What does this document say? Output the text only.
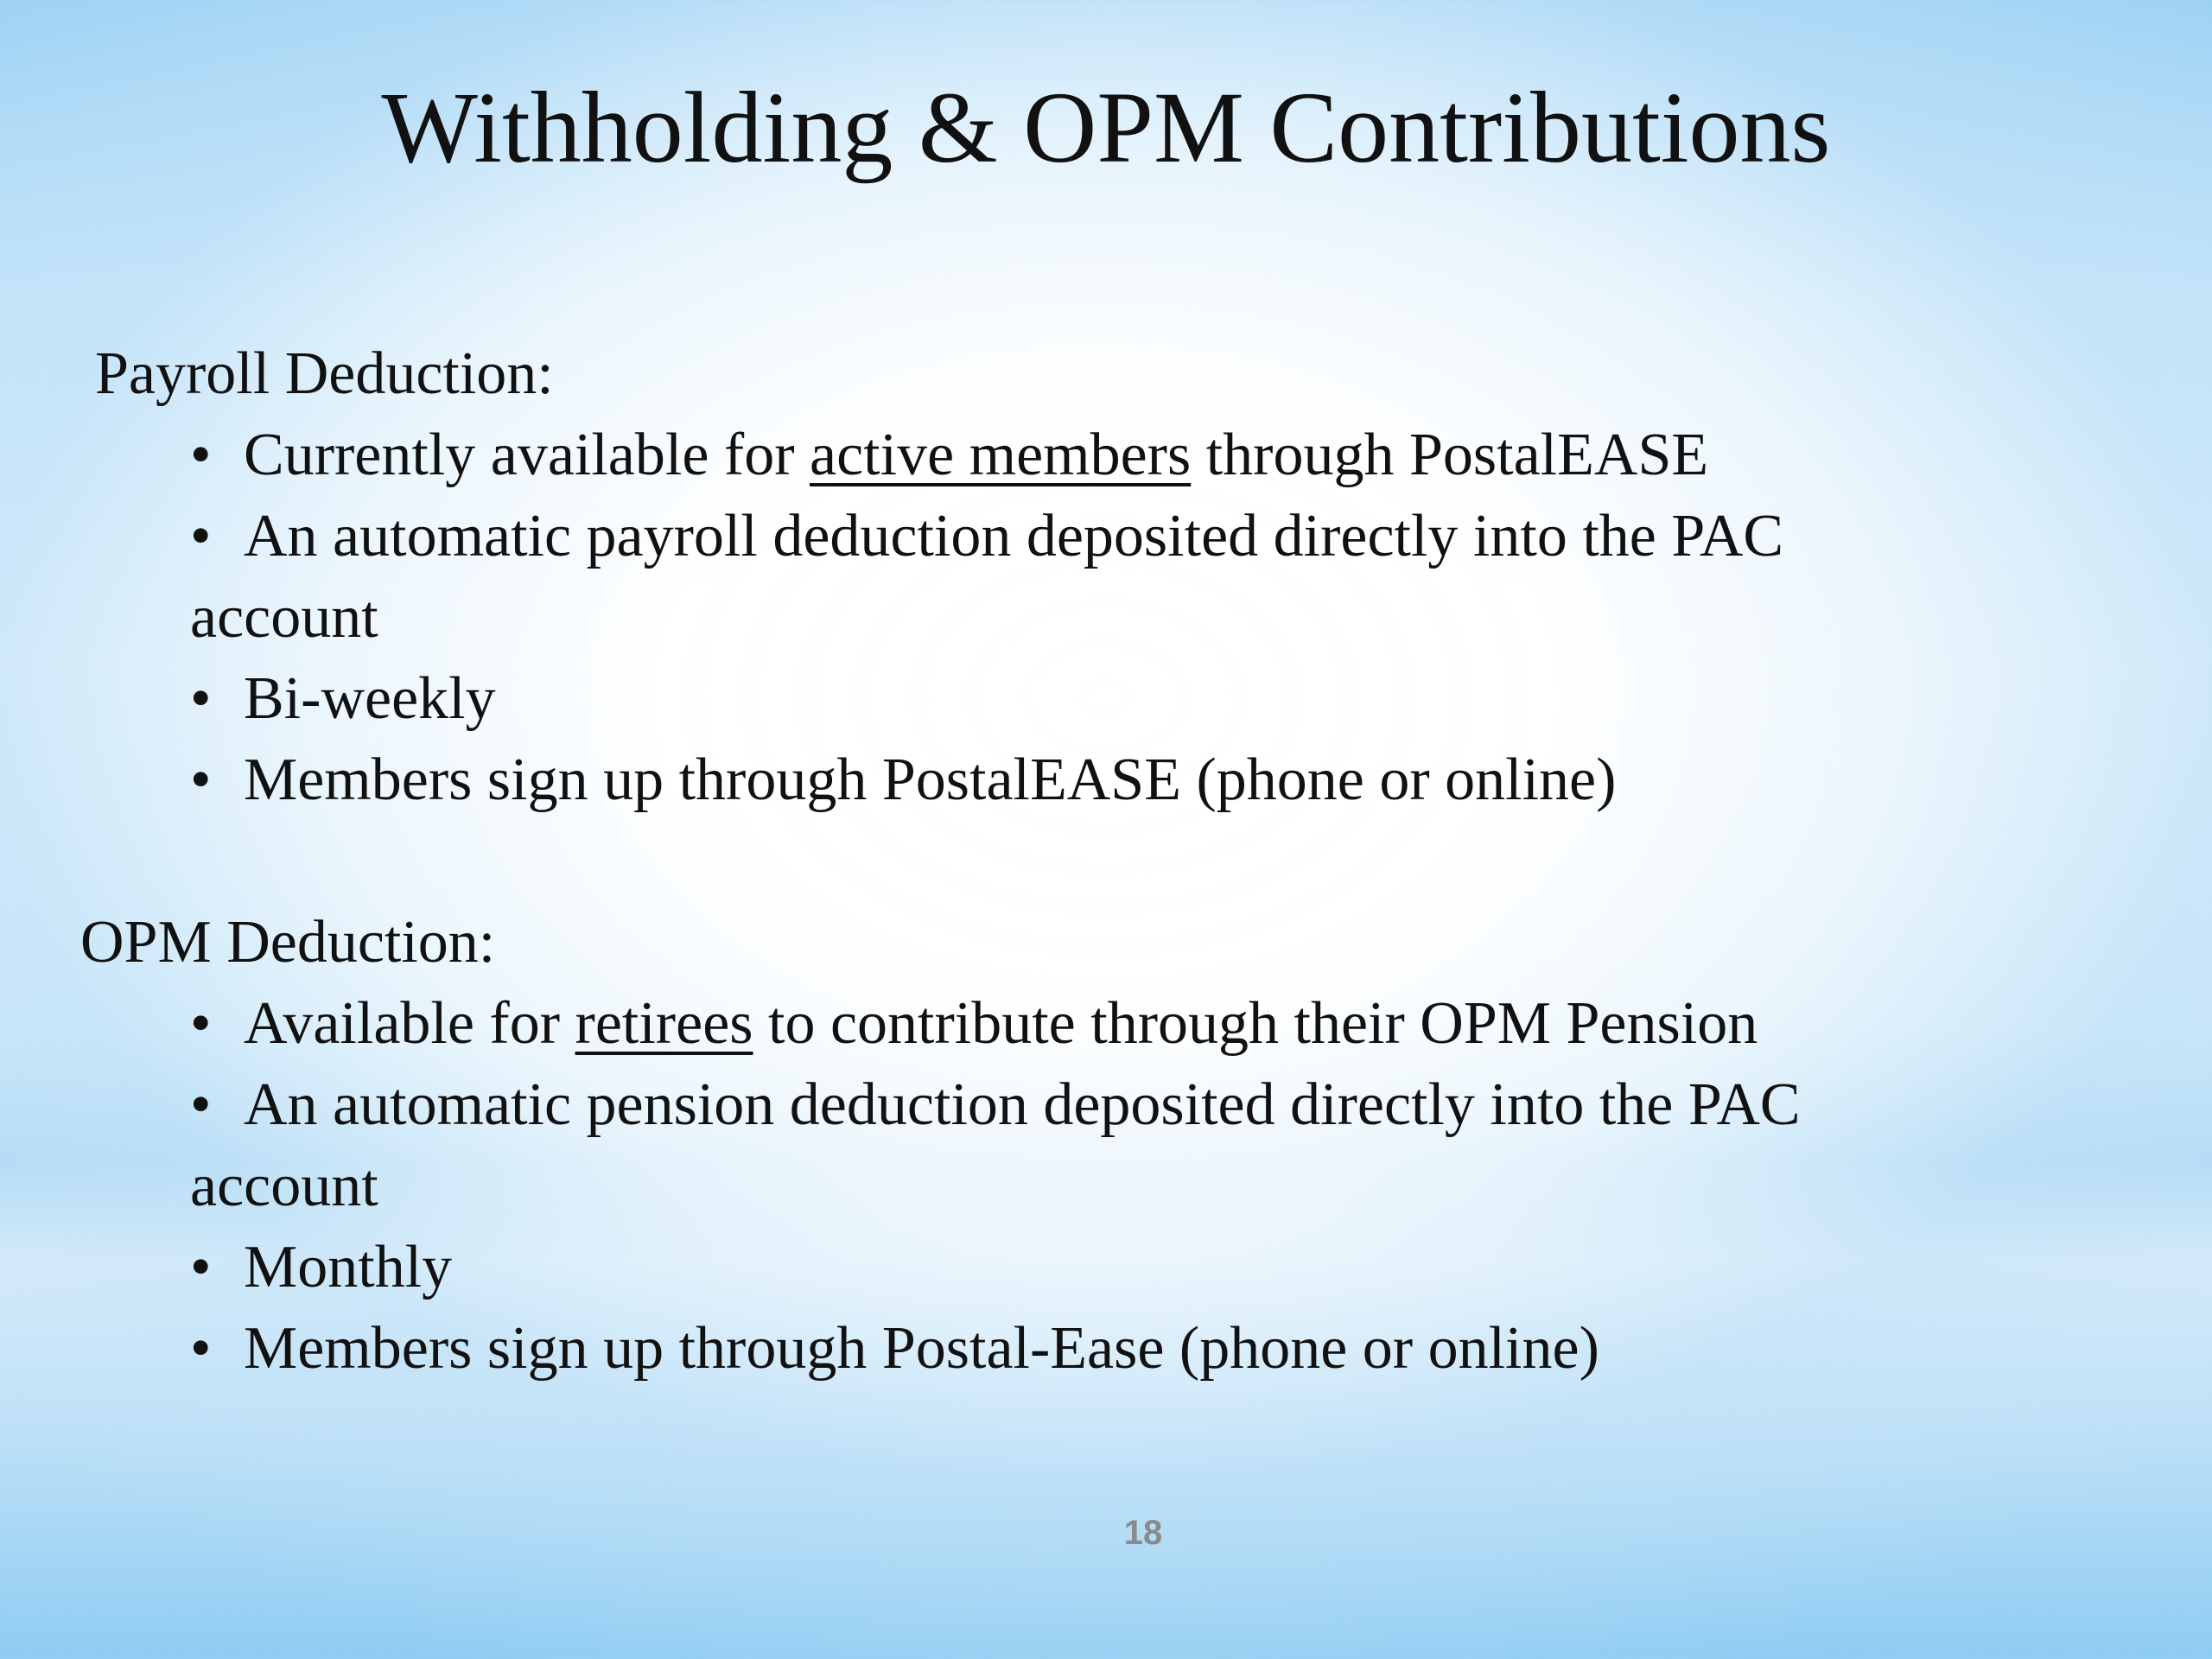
Withholding & OPM Contributions

Payroll Deduction:

• Currently available for active members through PostalEASE
• An automatic payroll deduction deposited directly into the PAC
account
• Bi-weekly
• Members sign up through PostalEASE (phone or online)

OPM Deduction:

• Available for retirees to contribute through their OPM Pension
• An automatic pension deduction deposited directly into the PAC
account
• Monthly
• Members sign up through Postal-Ease (phone or online)
18
